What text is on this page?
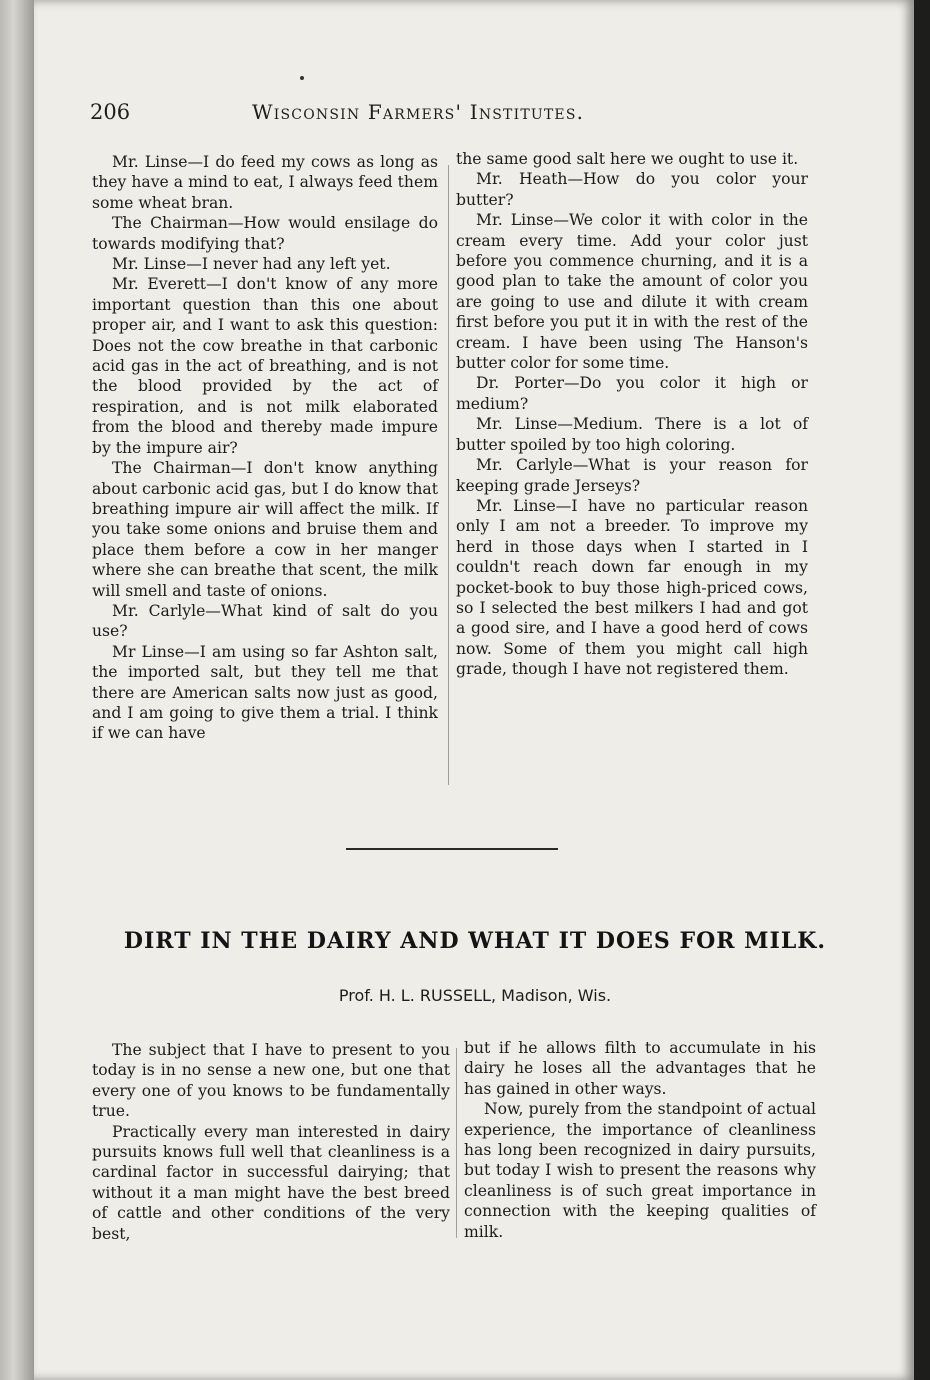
206	Wisconsin Farmers' Institutes.

Mr. Linse—I do feed my cows as long as they have a mind to eat, I always feed them some wheat bran.

The Chairman—How would ensilage do towards modifying that?

Mr. Linse—I never had any left yet.

Mr. Everett—I don't know of any more important question than this one about proper air, and I want to ask this question: Does not the cow breathe in that carbonic acid gas in the act of breathing, and is not the blood provided by the act of respiration, and is not milk elaborated from the blood and thereby made impure by the impure air?

The Chairman—I don't know anything about carbonic acid gas, but I do know that breathing impure air will affect the milk. If you take some onions and bruise them and place them before a cow in her manger where she can breathe that scent, the milk will smell and taste of onions.

Mr. Carlyle—What kind of salt do you use?

Mr Linse—I am using so far Ashton salt, the imported salt, but they tell me that there are American salts now just as good, and I am going to give them a trial. I think if we can have

the same good salt here we ought to use it.

Mr. Heath—How do you color your butter?

Mr. Linse—We color it with color in the cream every time. Add your color just before you commence churning, and it is a good plan to take the amount of color you are going to use and dilute it with cream first before you put it in with the rest of the cream. I have been using The Hanson's butter color for some time.

Dr. Porter—Do you color it high or medium?

Mr. Linse—Medium. There is a lot of butter spoiled by too high coloring.

Mr. Carlyle—What is your reason for keeping grade Jerseys?

Mr. Linse—I have no particular reason only I am not a breeder. To improve my herd in those days when I started in I couldn't reach down far enough in my pocket-book to buy those high-priced cows, so I selected the best milkers I had and got a good sire, and I have a good herd of cows now. Some of them you might call high grade, though I have not registered them.

DIRT IN THE DAIRY AND WHAT IT DOES FOR MILK.
Prof. H. L. RUSSELL, Madison, Wis.

The subject that I have to present to you today is in no sense a new one, but one that every one of you knows to be fundamentally true.

Practically every man interested in dairy pursuits knows full well that cleanliness is a cardinal factor in successful dairying; that without it a man might have the best breed of cattle and other conditions of the very best,

but if he allows filth to accumulate in his dairy he loses all the advantages that he has gained in other ways.

Now, purely from the standpoint of actual experience, the importance of cleanliness has long been recognized in dairy pursuits, but today I wish to present the reasons why cleanliness is of such great importance in connection with the keeping qualities of milk.
